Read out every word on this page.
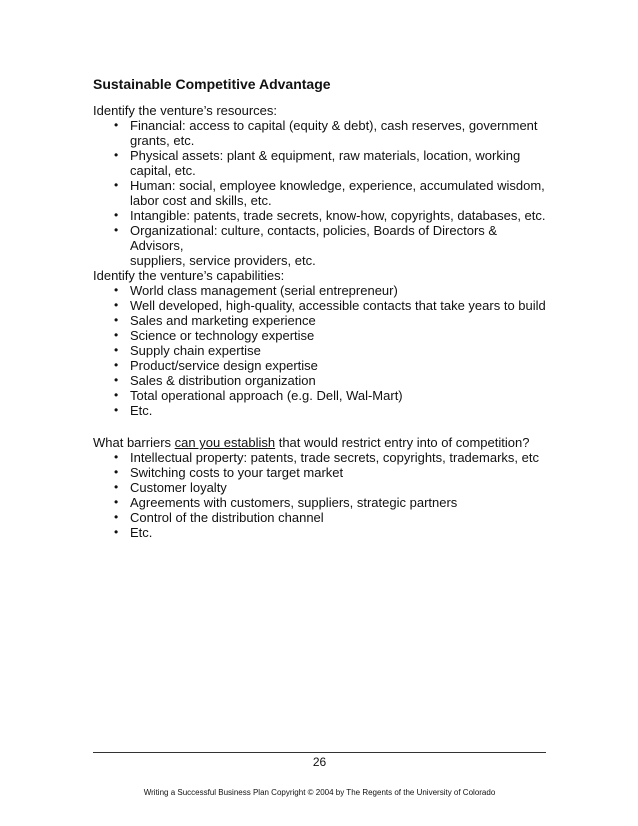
Sustainable Competitive Advantage

Identify the venture’s resources:

• Financial: access to capital (equity & debt), cash reserves, government
grants, etc.
• Physical assets: plant & equipment, raw materials, location, working
capital, etc.
• Human: social, employee knowledge, experience, accumulated wisdom,
labor cost and skills, etc.
• Intangible: patents, trade secrets, know-how, copyrights, databases, etc.
• Organizational: culture, contacts, policies, Boards of Directors & Advisors,
suppliers, service providers, etc.

Identify the venture’s capabilities:

• World class management (serial entrepreneur)
• Well developed, high-quality, accessible contacts that take years to build
• Sales and marketing experience
• Science or technology expertise
• Supply chain expertise
• Product/service design expertise
• Sales & distribution organization
• Total operational approach (e.g. Dell, Wal-Mart)
• Etc.

What barriers can you establish that would restrict entry into of competition?

• Intellectual property: patents, trade secrets, copyrights, trademarks, etc
• Switching costs to your target market
• Customer loyalty
• Agreements with customers, suppliers, strategic partners
• Control of the distribution channel
• Etc.
26
Writing a Successful Business Plan Copyright © 2004 by The Regents of the University of Colorado
